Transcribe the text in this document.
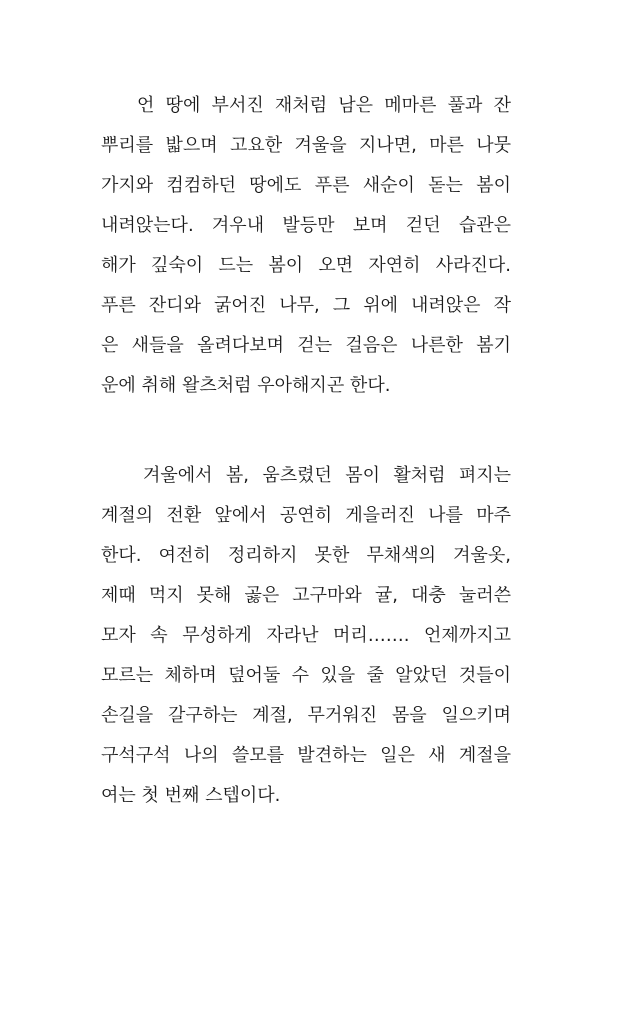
언 땅에 부서진 재처럼 남은 메마른 풀과 잔
뿌리를 밟으며 고요한 겨울을 지나면, 마른 나뭇
가지와 컴컴하던 땅에도 푸른 새순이 돋는 봄이
내려앉는다. 겨우내 발등만 보며 걷던 습관은
해가 깊숙이 드는 봄이 오면 자연히 사라진다.
푸른 잔디와 굵어진 나무, 그 위에 내려앉은 작
은 새들을 올려다보며 걷는 걸음은 나른한 봄기
운에 취해 왈츠처럼 우아해지곤 한다.
겨울에서 봄, 움츠렸던 몸이 활처럼 펴지는
계절의 전환 앞에서 공연히 게을러진 나를 마주
한다. 여전히 정리하지 못한 무채색의 겨울옷,
제때 먹지 못해 곯은 고구마와 귤, 대충 눌러쓴
모자 속 무성하게 자라난 머리……. 언제까지고
모르는 체하며 덮어둘 수 있을 줄 알았던 것들이
손길을 갈구하는 계절, 무거워진 몸을 일으키며
구석구석 나의 쓸모를 발견하는 일은 새 계절을
여는 첫 번째 스텝이다.
